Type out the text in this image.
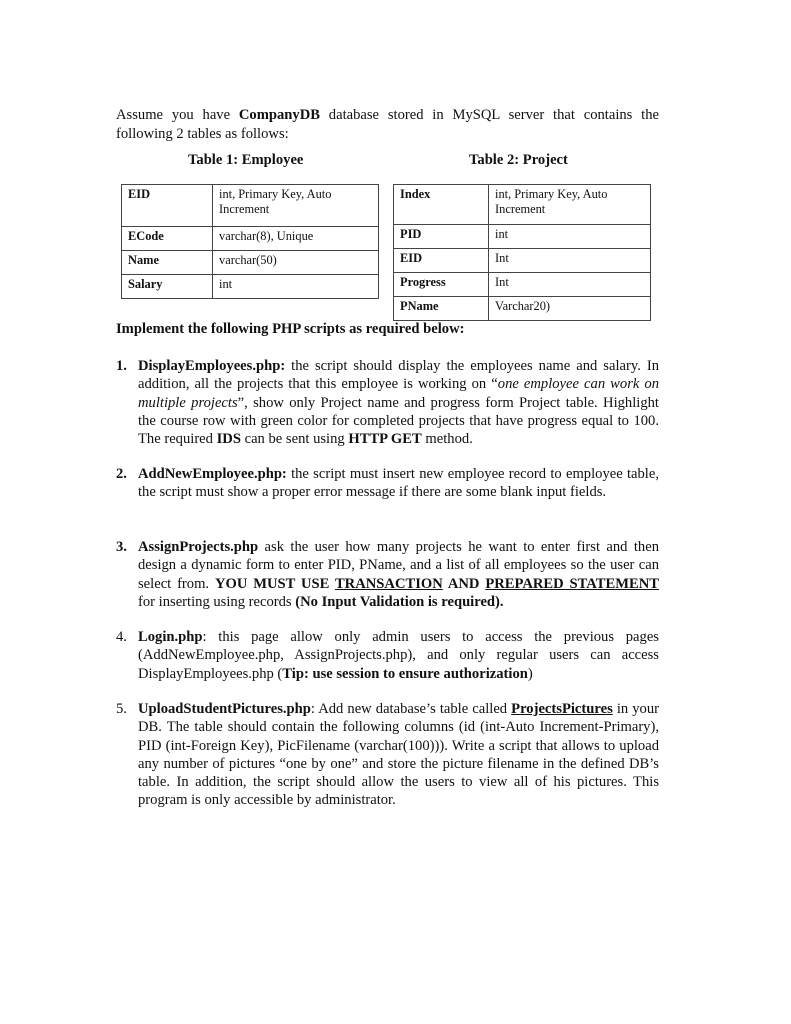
Assume you have CompanyDB database stored in MySQL server that contains the following 2 tables as follows:
Table 1: Employee	Table 2: Project
EID	int, Primary Key, Auto Increment
ECode	varchar(8), Unique
Name	varchar(50)
Salary	int
Index	int, Primary Key, Auto Increment
PID	int
EID	Int
Progress	Int
PName	Varchar20)
Implement the following PHP scripts as required below:
1. DisplayEmployees.php: the script should display the employees name and salary. In addition, all the projects that this employee is working on “one employee can work on multiple projects”, show only Project name and progress form Project table. Highlight the course row with green color for completed projects that have progress equal to 100. The required IDS can be sent using HTTP GET method.
2. AddNewEmployee.php: the script must insert new employee record to employee table, the script must show a proper error message if there are some blank input fields.
3. AssignProjects.php ask the user how many projects he want to enter first and then design a dynamic form to enter PID, PName, and a list of all employees so the user can select from. YOU MUST USE TRANSACTION AND PREPARED STATEMENT for inserting using records (No Input Validation is required).
4. Login.php: this page allow only admin users to access the previous pages (AddNewEmployee.php, AssignProjects.php), and only regular users can access DisplayEmployees.php (Tip: use session to ensure authorization)
5. UploadStudentPictures.php: Add new database’s table called ProjectsPictures in your DB. The table should contain the following columns (id (int-Auto Increment-Primary), PID (int-Foreign Key), PicFilename (varchar(100))). Write a script that allows to upload any number of pictures “one by one” and store the picture filename in the defined DB’s table. In addition, the script should allow the users to view all of his pictures. This program is only accessible by administrator.
